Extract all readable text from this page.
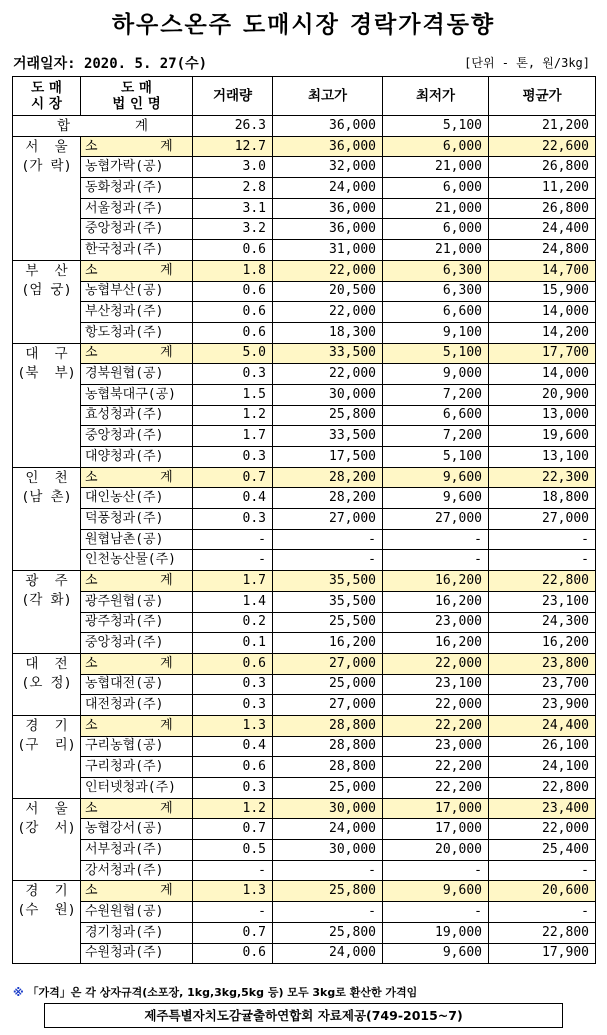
하우스온주 도매시장 경락가격동향
거래일자: 2020. 5. 27(수)	[단위 - 톤, 원/3kg]
도 매
시 장	도 매
법 인 명	거래량	최고가	최저가	평균가
합        계		26.3	36,000	5,100	21,200
서  울
(가 락)	소        계	12.7	36,000	6,000	22,600
	농협가락(공)	3.0	32,000	21,000	26,800
	동화청과(주)	2.8	24,000	6,000	11,200
	서울청과(주)	3.1	36,000	21,000	26,800
	중앙청과(주)	3.2	36,000	6,000	24,400
	한국청과(주)	0.6	31,000	21,000	24,800
부  산
(엄 궁)	소        계	1.8	22,000	6,300	14,700
	농협부산(공)	0.6	20,500	6,300	15,900
	부산청과(주)	0.6	22,000	6,600	14,000
	항도청과(주)	0.6	18,300	9,100	14,200
대  구
(북  부)	소        계	5.0	33,500	5,100	17,700
	경북원협(공)	0.3	22,000	9,000	14,000
	농협북대구(공)	1.5	30,000	7,200	20,900
	효성청과(주)	1.2	25,800	6,600	13,000
	중앙청과(주)	1.7	33,500	7,200	19,600
	대양청과(주)	0.3	17,500	5,100	13,100
인  천
(남 촌)	소        계	0.7	28,200	9,600	22,300
	대인농산(주)	0.4	28,200	9,600	18,800
	덕풍청과(주)	0.3	27,000	27,000	27,000
	원협남촌(공)	-	-	-	-
	인천농산물(주)	-	-	-	-
광  주
(각 화)	소        계	1.7	35,500	16,200	22,800
	광주원협(공)	1.4	35,500	16,200	23,100
	광주청과(주)	0.2	25,500	23,000	24,300
	중앙청과(주)	0.1	16,200	16,200	16,200
대  전
(오 정)	소        계	0.6	27,000	22,000	23,800
	농협대전(공)	0.3	25,000	23,100	23,700
	대전청과(주)	0.3	27,000	22,000	23,900
경  기
(구  리)	소        계	1.3	28,800	22,200	24,400
	구리농협(공)	0.4	28,800	23,000	26,100
	구리청과(주)	0.6	28,800	22,200	24,100
	인터넷청과(주)	0.3	25,000	22,200	22,800
서  울
(강  서)	소        계	1.2	30,000	17,000	23,400
	농협강서(공)	0.7	24,000	17,000	22,000
	서부청과(주)	0.5	30,000	20,000	25,400
	강서청과(주)	-	-	-	-
경  기
(수  원)	소        계	1.3	25,800	9,600	20,600
	수원원협(공)	-	-	-	-
	경기청과(주)	0.7	25,800	19,000	22,800
	수원청과(주)	0.6	24,000	9,600	17,900
※ 「가격」은 각 상자규격(소포장, 1kg,3kg,5kg 등) 모두 3kg로 환산한 가격임
제주특별자치도감귤출하연합회 자료제공(749-2015~7)
